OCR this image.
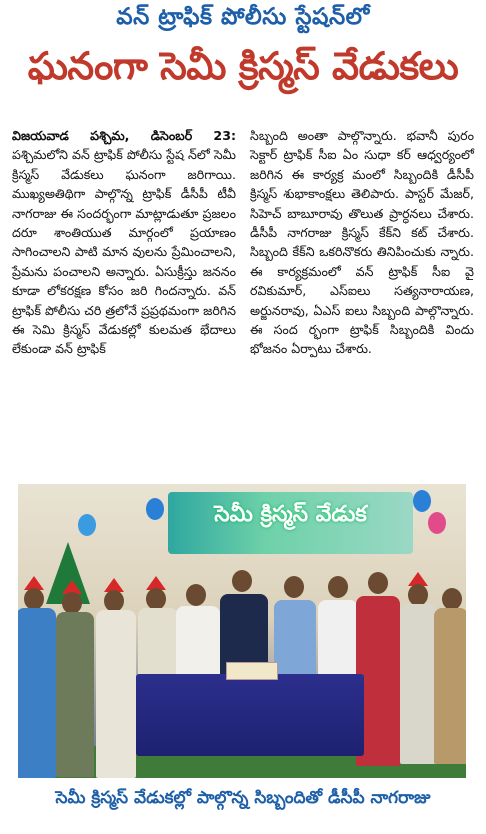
వన్ ట్రాఫిక్ పోలీసు స్టేషన్‌లో
ఘనంగా సెమీ క్రిస్మస్ వేడుకలు

విజయవాడ పశ్చిమ, డిసెంబర్ 23: పశ్చిమలోని వన్ ట్రాఫిక్ పోలీసు స్టేష న్‌లో సెమీ క్రిస్మస్ వేడుకలు ఘనంగా జరిగాయి. ముఖ్యఅతిథిగా పాల్గొన్న ట్రాఫిక్ డీసీపీ టీవీ నాగరాజు ఈ సందర్భంగా మాట్లాడుతూ ప్రజలం దరూ శాంతియుత మార్గంలో ప్రయాణం సాగించాలని పాటి మాన వులను ప్రేమించాలని, ప్రేమను పంచాలని అన్నారు. ఏసుక్రీస్తు జననం కూడా లోకరక్షణ కోసం జరి గిందన్నారు. వన్ ట్రాఫిక్ పోలీసు చరి త్రలోనే ప్రప్రథమంగా జరిగిన ఈ సెమి క్రిస్మస్ వేడుకల్లో కులమత భేదాలు లేకుండా వన్ ట్రాఫిక్

సిబ్బంది అంతా పాల్గొన్నారు. భవానీ పురం సెక్టార్ ట్రాఫిక్ సీఐ ఏం సుధా కర్ ఆధ్వర్యంలో జరిగిన ఈ కార్యక్ర మంలో సిబ్బందికి డీసీపీ క్రిస్మస్ శుభాకాంక్షలు తెలిపారు. పాస్టర్ మేజర్, సిహెచ్ బాబూరావు తొలుత ప్రార్ధనలు చేశారు. డీసీపీ నాగరాజు క్రిస్మస్ కేక్‌ని కట్ చేశారు. సిబ్బంది కేక్‌ని ఒకరినొకరు తినిపించుకు న్నారు. ఈ కార్యక్రమంలో వన్ ట్రాఫిక్ సీఐ వై రవికుమార్, ఎస్ఐలు సత్యనారాయణ, అర్జునరావు, ఏఎస్ ఐలు సిబ్బంది పాల్గొన్నారు. ఈ సంద ర్భంగా ట్రాఫిక్ సిబ్బందికి విందు భోజనం ఏర్పాటు చేశారు.

సెమీ క్రిస్మస్ వేడుక
సెమీ క్రిస్మస్ వేడుకల్లో పాల్గొన్న సిబ్బందితో డీసీపీ నాగరాజు
